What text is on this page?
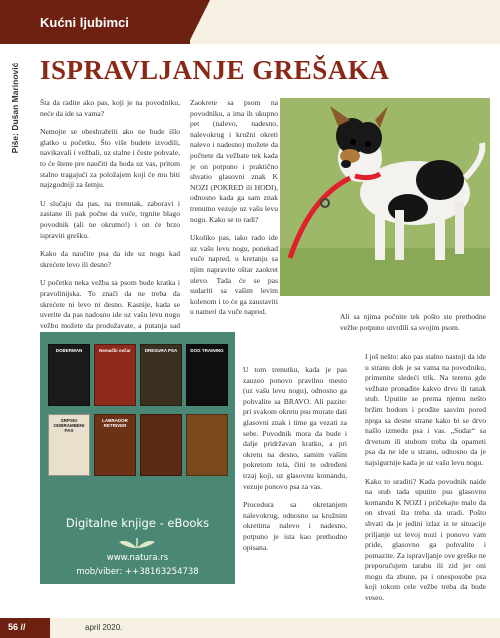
Kućni ljubimci
Piše: Dušan Marinović ISPRAVLJANJE GREŠAKA

Šta da radite ako pas, koji je na povodniku, neće da ide sa vama?

Nemojte se obeshrabriti ako ne bude išlo glatko u početku. Što više budete izvodili, navikavali i vežbali, uz stalne i česte pohvale, to će štene pre naučiti da hoda uz vas, pritom stalno tragajući za položajem koji će mu biti najzgodniji za šetnju.

U slučaju da pas, na trenutak, zaboravi i zastane ili pak počne da vuče, trgnite blago povodnik (ali ne okrutno!) i on će brzo ispraviti grešku.

Kako da naučite psa da ide uz nogu kad skrećete levo ili desno?

U početku neka vežba sa psom bude kratka i pravolinijska. To znači da ne treba da skrećete ni levo ni desno. Kasnije, kada se uverite da pas nadosno ide uz vašu levu nogu vežbu možete da produžavate, a putanja sad

Zaokrete sa psom na povodniku, a ima ih ukupno pet (nalevo, nadesno, nalevokrug i kružni okreti nalevo i nadesno) možete da počnete da vežbate tek kada je on potpuno i praktično shvatio glasovni znak K NOZI (POKRED ili HODI), odnosno kada ga sam znak trenutno vezuje uz vašu levu nogu. Kako se to radi?

Ukoliko pas, iako rado ide uz vašu levu nogu, ponekad vuče napred, u kretanju sa njim napravite oštar zaokret ulevo. Tada će se pas sudariti sa vašim levim kolenom i to će ga zaustaviti u nameri da vuče napred.

Ali sa njima počnite tek pošto ste prethodne vežbe potpuno utvrdili sa svojim psom.

DOBERMAN	Nemački ovčar	DRESURA PSA	DOG TRAINING
SRPSKI ODBRAMBENI PAS
LABRADOR RETRIVER
Digitalne knjige - eBooks
www.natura.rs
mob/viber: ++38163254738

U tom trenutku, kada je pas zauzeo ponovo pravilno mesto (uz vašu levu nogu), odnosno ga pohvalite sa BRAVO. Ali pazite: pri svakom okretu psu morate dati glasovni znak i time ga vezati za sebe. Povodnik mora da bude i dalje pridržavan kratko, a pri okretu na desno, samim vašim pokretom tela, čini te određeni trzaj koji, uz glasovnu komandu, vezuje ponovo psa za vas.

Procedura sa okretanjem nalevokrug, odnosno sa kružnim okretima nalevo i nadesno, potpuno je ista kao prethodno opisana.

I još nešto: ako pas stalno nastoji da ide u stranu dok je sa vama na povodniku, primenite sledeći trik. Na terenu gde vežbate pronađite kakvo drvo ili tanak stub. Uputite se prema njemu nešto bržim hodom i prođite sasvim pored njega sa desne strane kako bi se drvo našlo između psa i vas. „Sudar“ sa drvetom ili stubom treba da opameti psa da ne ide u stranu, odnosno da je najsigurnije kada je uz vašu levu nogu.

Kako to uraditi? Kada povodnik naide na stub tada uputite psu glasovnu komandu K NOZI i pričekajte malo da on shvati šta treba da uradi. Pošto shvati da je jedini izlaz iz te situacije priljanje uz levoj nozi i ponovo vam priđe, glasovno ga pohvalite i pomazite. Za ispravljanje ove greške ne preporučujem tarabu ili zid jer oni mogu da zbune, pa i onesposobe psa koji tokom cele vežbe treba da bude veseo.

56 //	april 2020.
